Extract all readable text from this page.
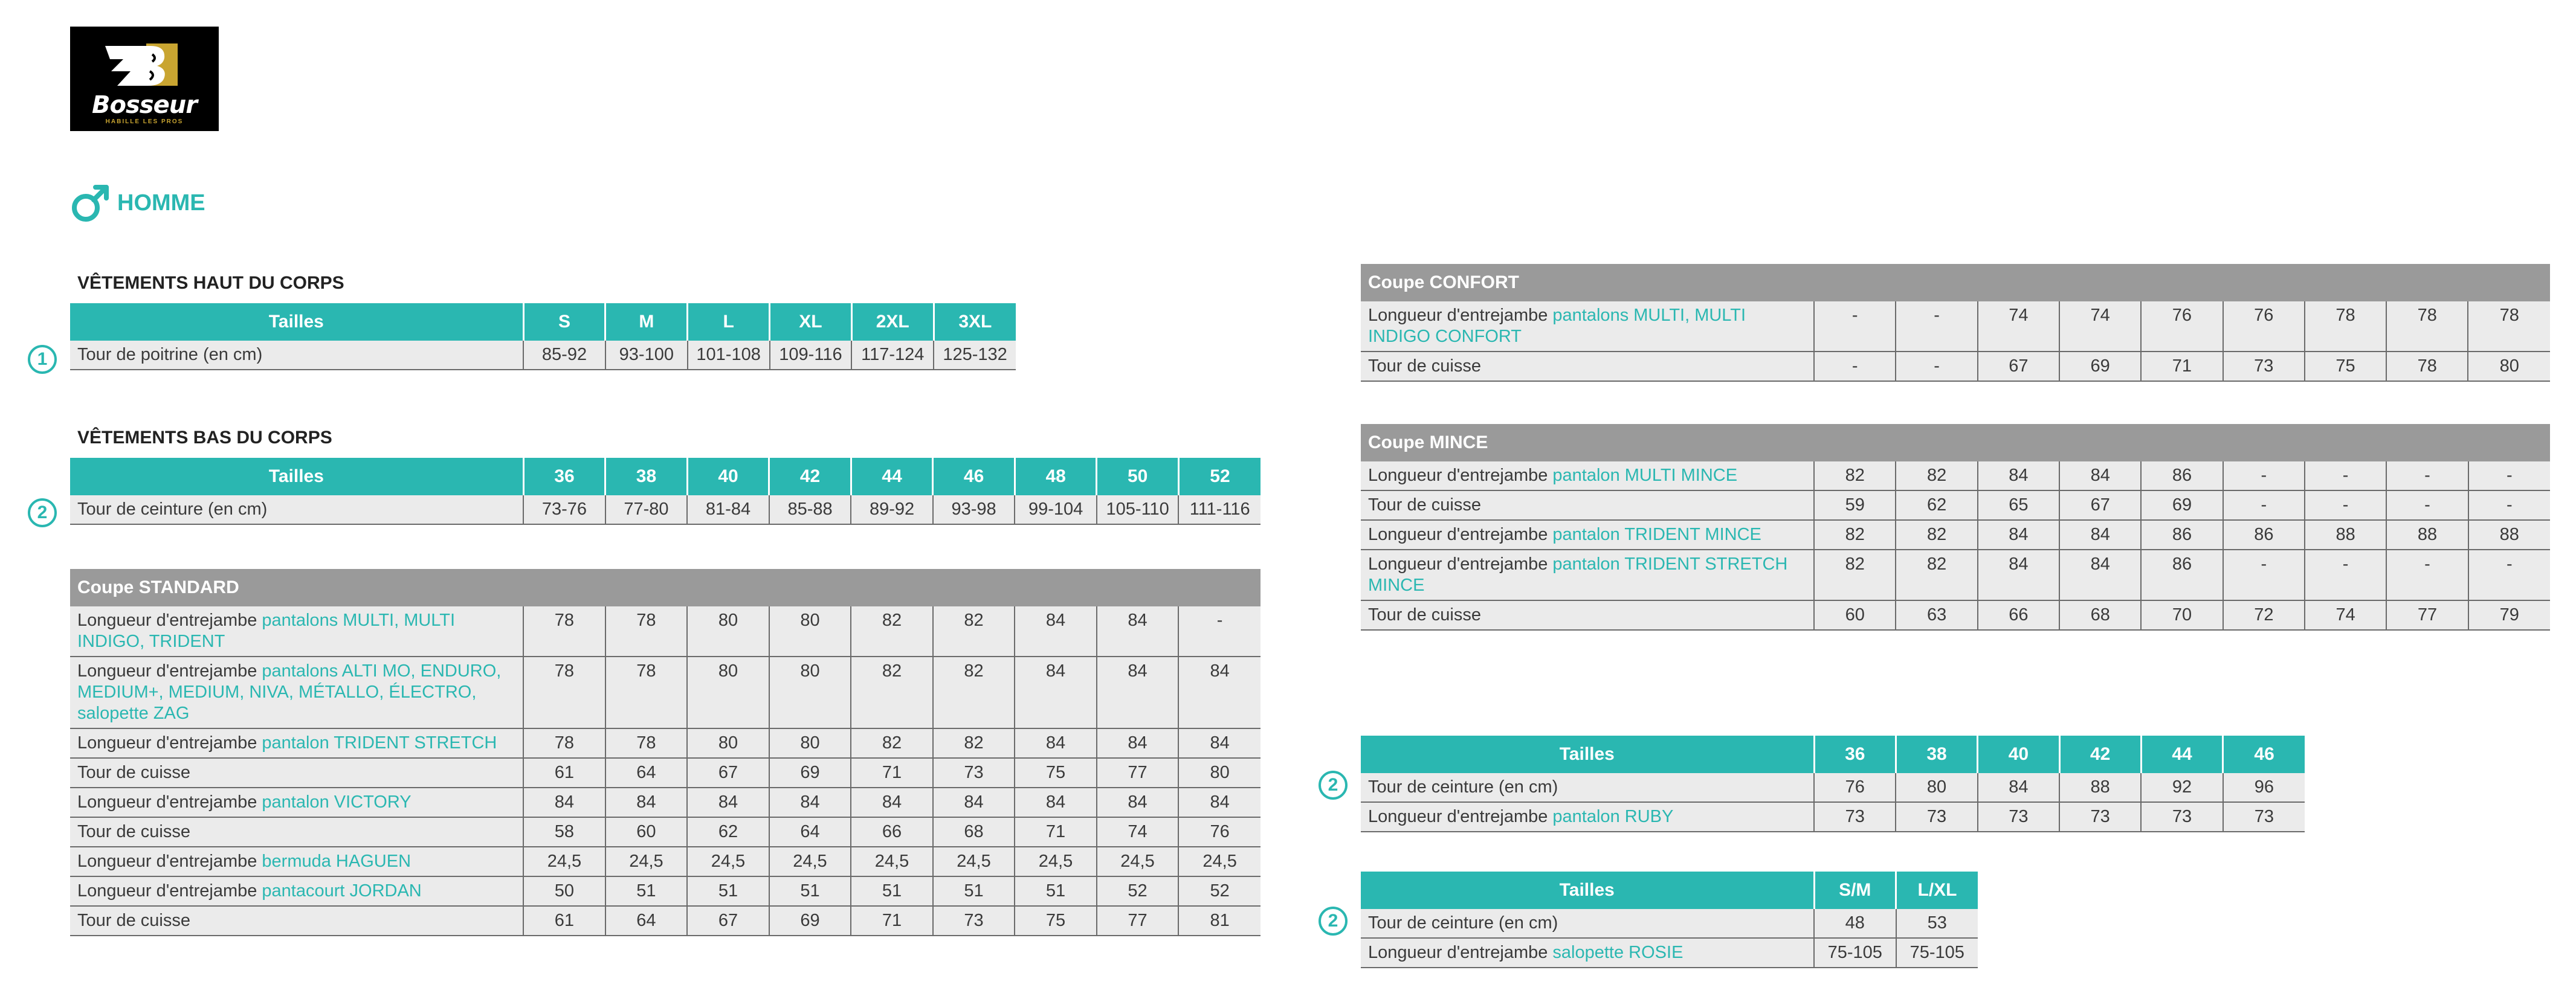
Bosseur
HABILLE LES PROS
HOMME
VÊTEMENTS HAUT DU CORPS
1
Tailles	S	M	L	XL	2XL	3XL
Tour de poitrine (en cm)	85-92	93-100	101-108	109-116	117-124	125-132
VÊTEMENTS BAS DU CORPS
2
Tailles	36	38	40	42	44	46	48	50	52
Tour de ceinture (en cm)	73-76	77-80	81-84	85-88	89-92	93-98	99-104	105-110	111-116
Coupe STANDARD									
Longueur d'entrejambe pantalons MULTI, MULTI INDIGO, TRIDENT	78	78	80	80	82	82	84	84	-
Longueur d'entrejambe pantalons ALTI MO, ENDURO, MEDIUM+, MEDIUM, NIVA, MÉTALLO, ÉLECTRO, salopette ZAG	78	78	80	80	82	82	84	84	84
Longueur d'entrejambe pantalon TRIDENT STRETCH	78	78	80	80	82	82	84	84	84
Tour de cuisse	61	64	67	69	71	73	75	77	80
Longueur d'entrejambe pantalon VICTORY	84	84	84	84	84	84	84	84	84
Tour de cuisse	58	60	62	64	66	68	71	74	76
Longueur d'entrejambe bermuda HAGUEN	24,5	24,5	24,5	24,5	24,5	24,5	24,5	24,5	24,5
Longueur d'entrejambe pantacourt JORDAN	50	51	51	51	51	51	51	52	52
Tour de cuisse	61	64	67	69	71	73	75	77	81
Coupe CONFORT									
Longueur d'entrejambe pantalons MULTI, MULTI INDIGO CONFORT	-	-	74	74	76	76	78	78	78
Tour de cuisse	-	-	67	69	71	73	75	78	80
Coupe MINCE									
Longueur d'entrejambe pantalon MULTI MINCE	82	82	84	84	86	-	-	-	-
Tour de cuisse	59	62	65	67	69	-	-	-	-
Longueur d'entrejambe pantalon TRIDENT MINCE	82	82	84	84	86	86	88	88	88
Longueur d'entrejambe pantalon TRIDENT STRETCH MINCE	82	82	84	84	86	-	-	-	-
Tour de cuisse	60	63	66	68	70	72	74	77	79
2
Tailles	36	38	40	42	44	46
Tour de ceinture (en cm)	76	80	84	88	92	96
Longueur d'entrejambe pantalon RUBY	73	73	73	73	73	73
2
Tailles	S/M	L/XL
Tour de ceinture (en cm)	48	53
Longueur d'entrejambe salopette ROSIE	75-105	75-105
